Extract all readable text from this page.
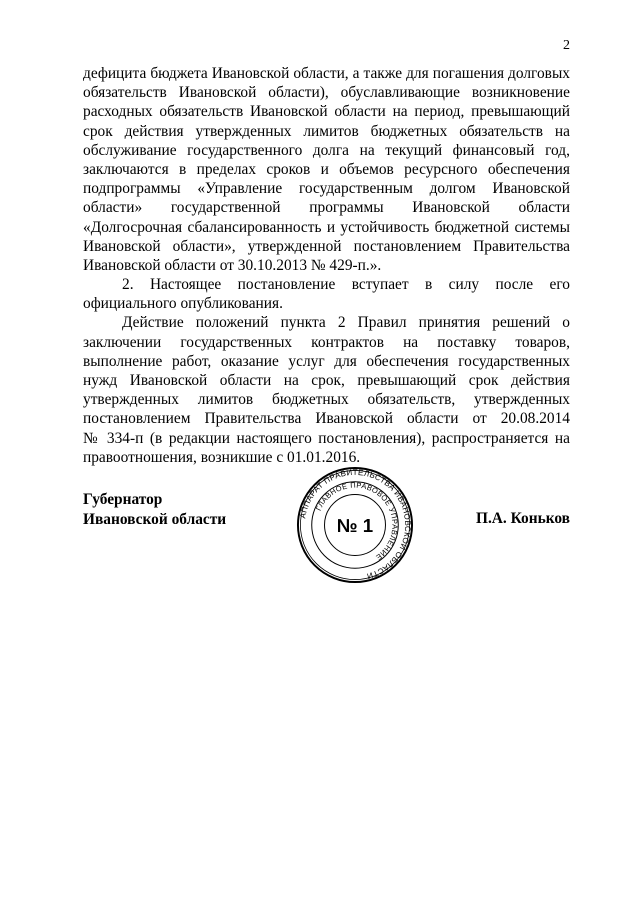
2
дефицита бюджета Ивановской области, а также для погашения долговых
обязательств Ивановской области), обуславливающие возникновение
расходных обязательств Ивановской области на период, превышающий
срок действия утвержденных лимитов бюджетных обязательств на
обслуживание государственного долга на текущий финансовый год,
заключаются в пределах сроков и объемов ресурсного обеспечения
подпрограммы «Управление государственным долгом Ивановской
области» государственной программы Ивановской области
«Долгосрочная сбалансированность и устойчивость бюджетной системы
Ивановской области», утвержденной постановлением Правительства
Ивановской области от 30.10.2013 № 429-п.».
2. Настоящее постановление вступает в силу после его
официального опубликования.
Действие положений пункта 2 Правил принятия решений о
заключении государственных контрактов на поставку товаров,
выполнение работ, оказание услуг для обеспечения государственных
нужд Ивановской области на срок, превышающий срок действия
утвержденных лимитов бюджетных обязательств, утвержденных
постановлением Правительства Ивановской области от 20.08.2014
№ 334-п (в редакции настоящего постановления), распространяется на
правоотношения, возникшие с 01.01.2016.
Губернатор
Ивановской области	АППАРАТ ПРАВИТЕЛЬСТВА ИВАНОВСКОЙ ОБЛАСТИ
ГЛАВНОЕ ПРАВОВОЕ УПРАВЛЕНИЕ
№ 1	П.А. Коньков
